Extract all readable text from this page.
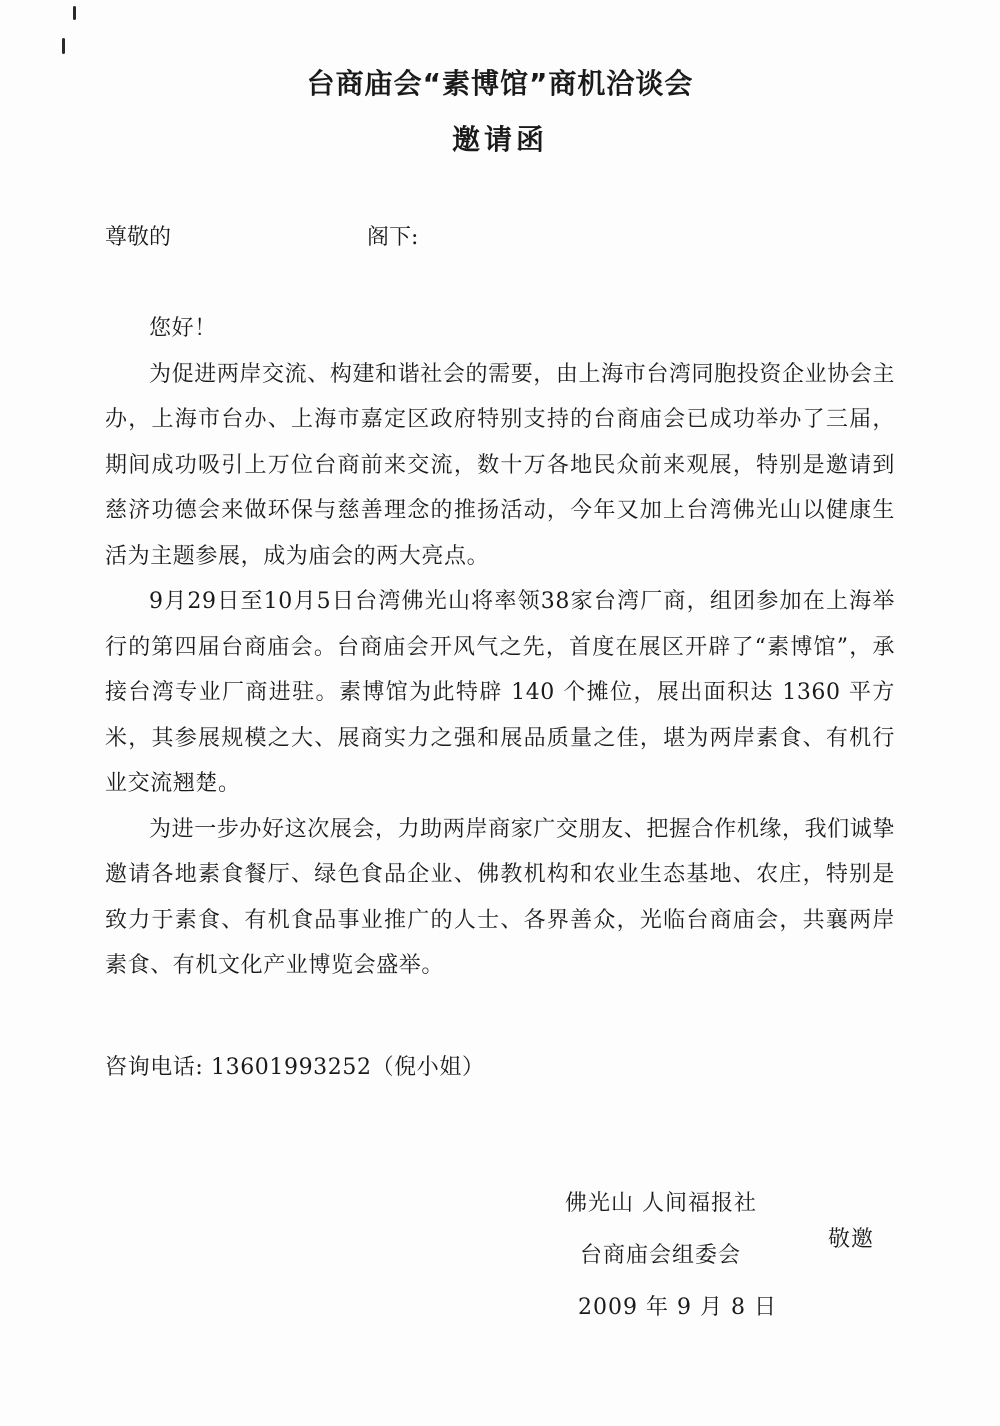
台商庙会“素博馆”商机洽谈会
邀请函
尊敬的	阁下:

您好！

为促进两岸交流、构建和谐社会的需要，由上海市台湾同胞投资企业协会主办，上海市台办、上海市嘉定区政府特别支持的台商庙会已成功举办了三届，期间成功吸引上万位台商前来交流，数十万各地民众前来观展，特别是邀请到慈济功德会来做环保与慈善理念的推扬活动，今年又加上台湾佛光山以健康生活为主题参展，成为庙会的两大亮点。

9月29日至10月5日台湾佛光山将率领38家台湾厂商，组团参加在上海举行的第四届台商庙会。台商庙会开风气之先，首度在展区开辟了“素博馆”，承接台湾专业厂商进驻。素博馆为此特辟 140 个摊位，展出面积达 1360 平方米，其参展规模之大、展商实力之强和展品质量之佳，堪为两岸素食、有机行业交流翘楚。

为进一步办好这次展会，力助两岸商家广交朋友、把握合作机缘，我们诚挚邀请各地素食餐厅、绿色食品企业、佛教机构和农业生态基地、农庄，特别是致力于素食、有机食品事业推广的人士、各界善众，光临台商庙会，共襄两岸素食、有机文化产业博览会盛举。

咨询电话: 13601993252（倪小姐）
佛光山 人间福报社
台商庙会组委会
2009 年 9 月 8 日
敬邀
